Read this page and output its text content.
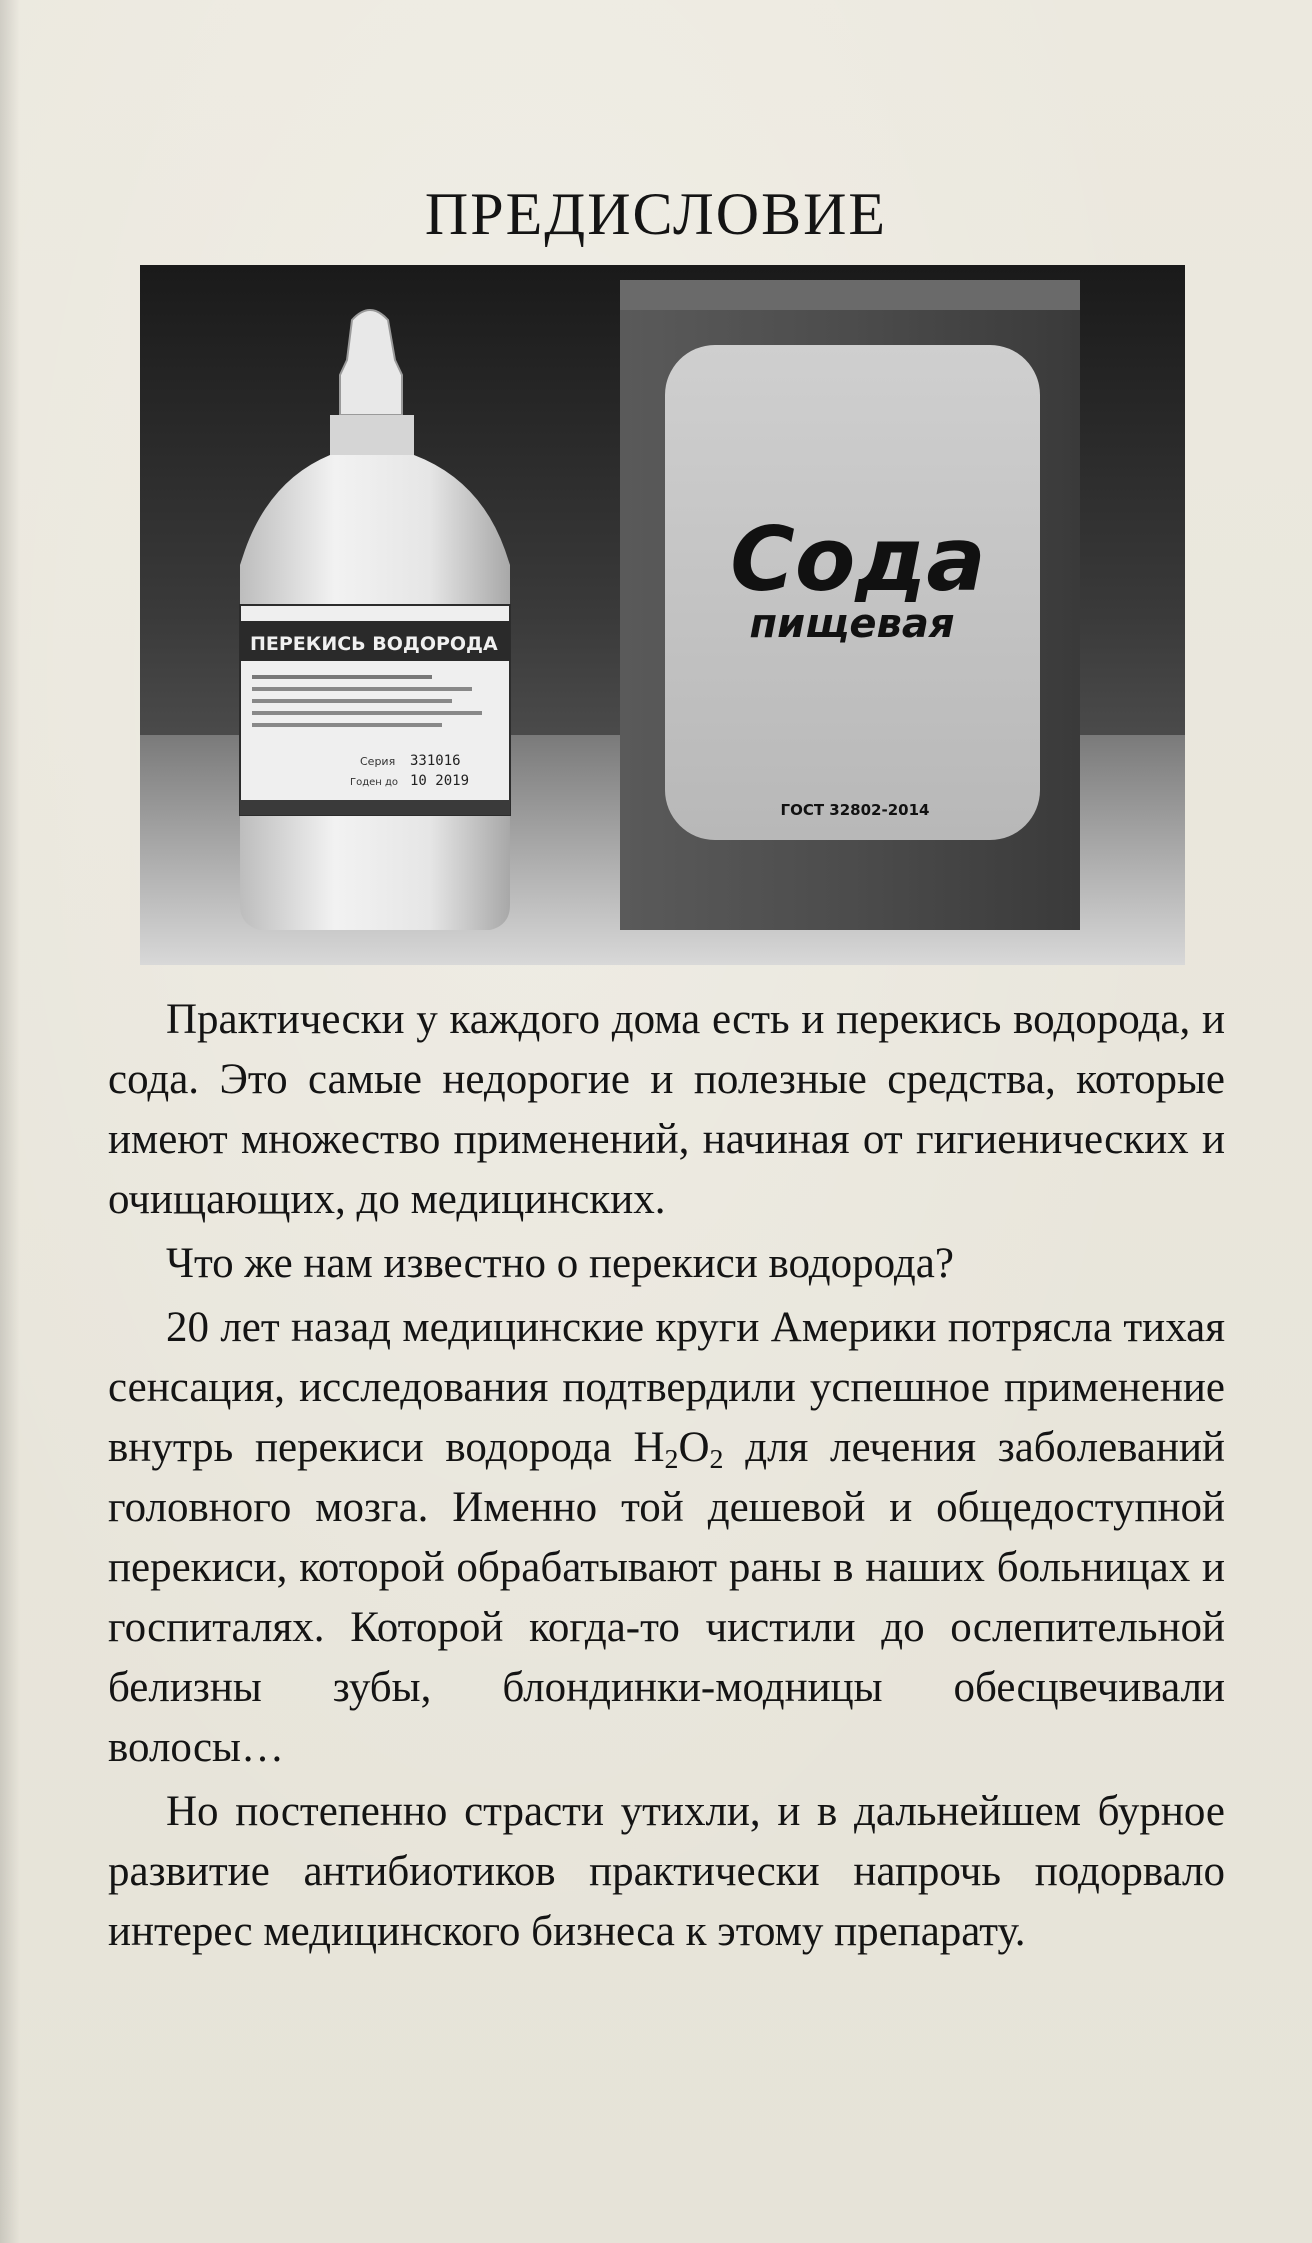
ПРЕДИСЛОВИЕ
Сода
пищевая
ГОСТ 32802-2014
ПЕРЕКИСЬ ВОДОРОДА
Серия 331016
Годен до 10 2019

Практически у каждого дома есть и перекись водорода, и сода. Это самые недорогие и полезные средства, которые имеют множество применений, начиная от гигиенических и очищающих, до медицинских.

Что же нам известно о перекиси водорода?

20 лет назад медицинские круги Америки потрясла тихая сенсация, исследования подтвердили успешное применение внутрь перекиси водорода $H_2O_2$ для лечения заболеваний головного мозга. Именно той дешевой и общедоступной перекиси, которой обрабатывают раны в наших больницах и госпиталях. Которой когда-то чистили до ослепительной белизны зубы, блондинки-модницы обесцвечивали волосы…

Но постепенно страсти утихли, и в дальнейшем бурное развитие антибиотиков практически напрочь подорвало интерес медицинского бизнеса к этому препарату.
